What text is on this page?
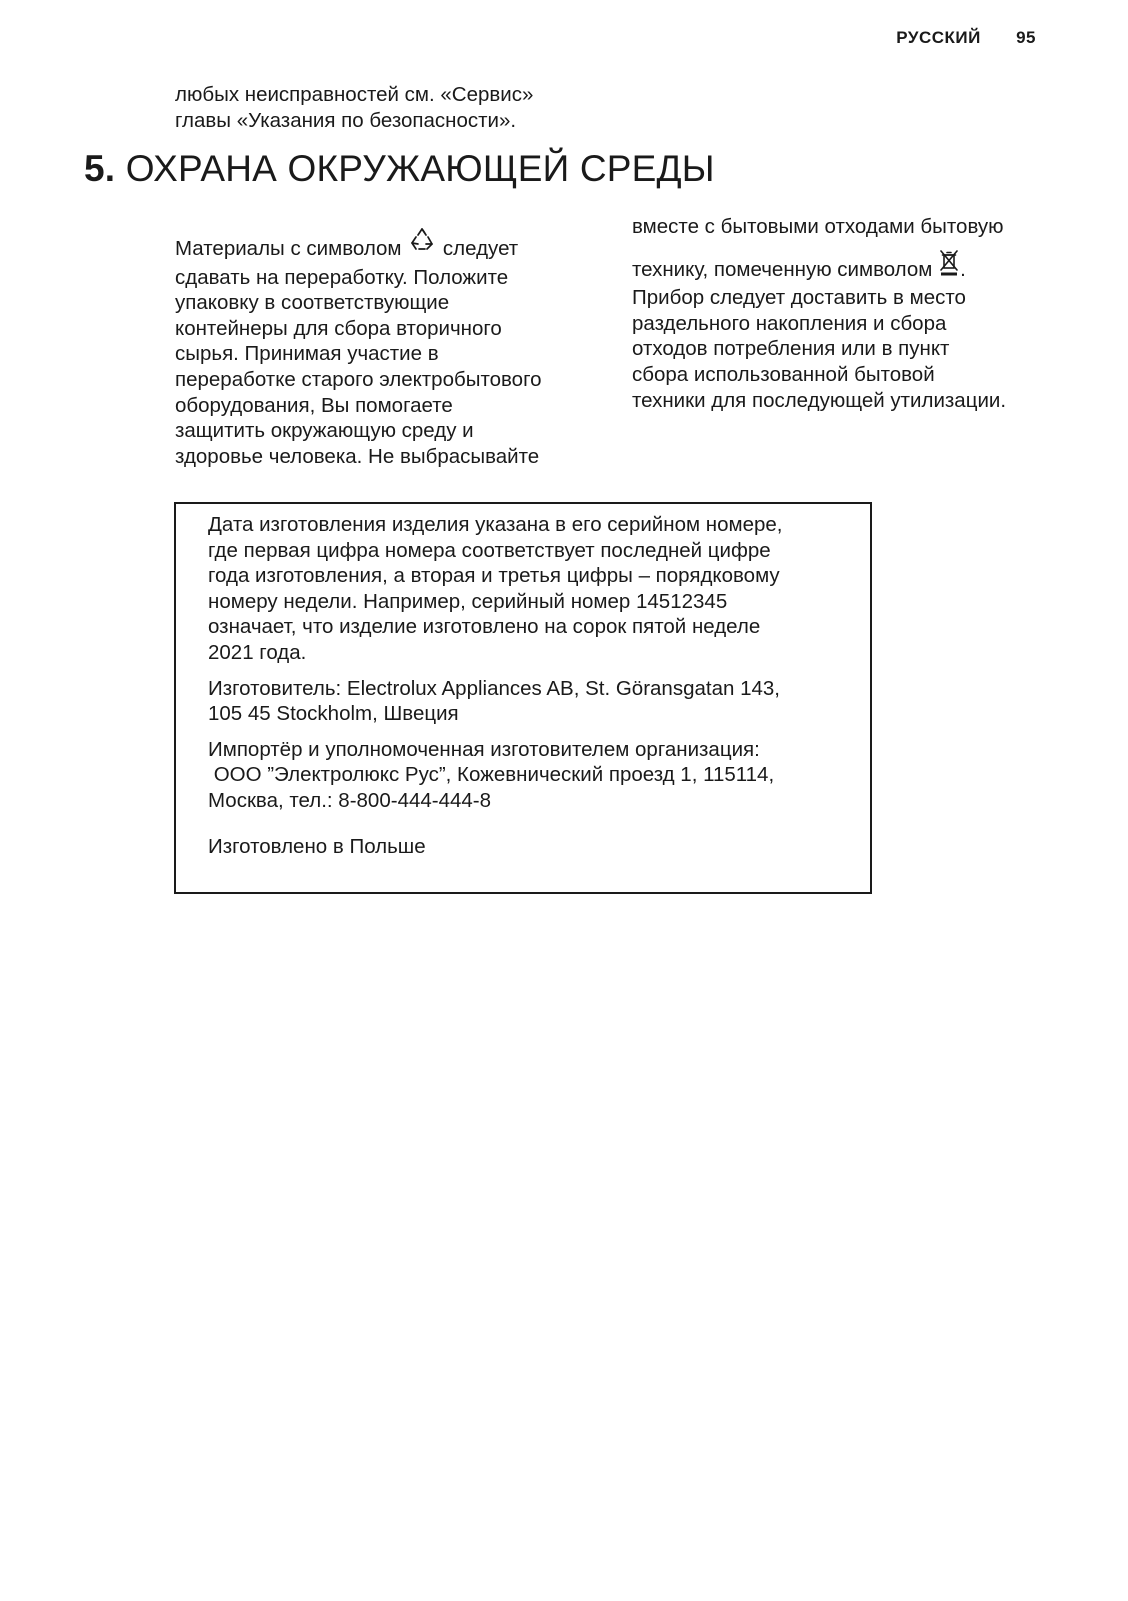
РУССКИЙ 95

любых неисправностей см. «Сервис»

главы «Указания по безопасности».

5. ОХРАНА ОКРУЖАЮЩЕЙ СРЕДЫ
Материалы с символом следует
сдавать на переработку. Положите
упаковку в соответствующие
контейнеры для сбора вторичного
сырья. Принимая участие в
переработке старого электробытового
оборудования, Вы помогаете
защитить окружающую среду и
здоровье человека. Не выбрасывайте
вместе с бытовыми отходами бытовую
технику, помеченную символом .
Прибор следует доставить в место
раздельного накопления и сбора
отходов потребления или в пункт
сбора использованной бытовой
техники для последующей утилизации.

Дата изготовления изделия указана в его серийном номере,
где первая цифра номера соответствует последней цифре
года изготовления, а вторая и третья цифры – порядковому
номеру недели. Например, серийный номер 14512345
означает, что изделие изготовлено на сорок пятой неделе
2021 года.

Изготовитель: Electrolux Appliances AB, St. Göransgatan 143,
105 45 Stockholm, Швеция

Импортёр и уполномоченная изготовителем организация:
ООО ”Электролюкс Рус”, Кожевнический проезд 1, 115114,
Москва, тел.: 8-800-444-444-8

Изготовлено в Польше
